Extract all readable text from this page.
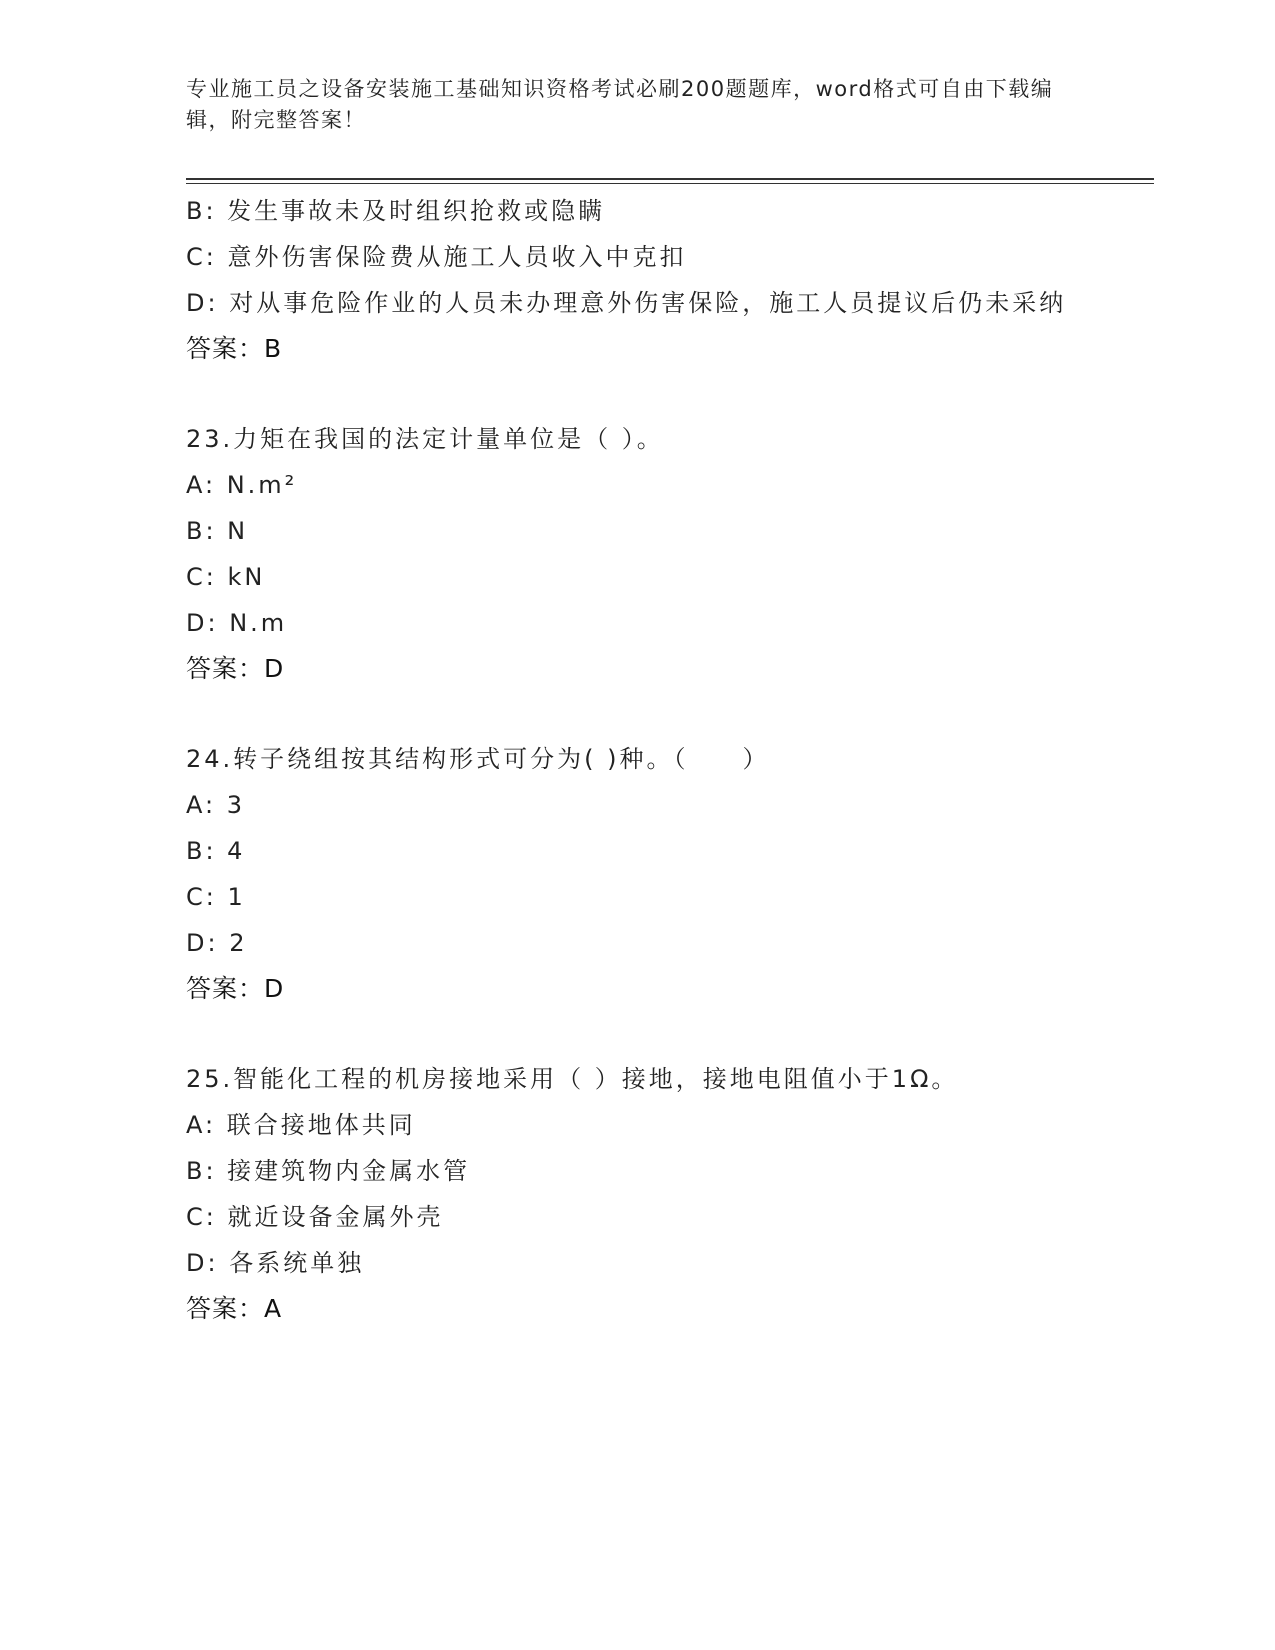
专业施工员之设备安装施工基础知识资格考试必刷200题题库，word格式可自由下载编辑，附完整答案！
B: 发生事故未及时组织抢救或隐瞒
C: 意外伤害保险费从施工人员收入中克扣
D: 对从事危险作业的人员未办理意外伤害保险，施工人员提议后仍未采纳
答案：B
23.力矩在我国的法定计量单位是（ ）。
A: N.m²
B: N
C: kN
D: N.m
答案：D
24.转子绕组按其结构形式可分为( )种。（　　）
A: 3
B: 4
C: 1
D: 2
答案：D
25.智能化工程的机房接地采用（ ）接地，接地电阻值小于1Ω。
A: 联合接地体共同
B: 接建筑物内金属水管
C: 就近设备金属外壳
D: 各系统单独
答案：A
